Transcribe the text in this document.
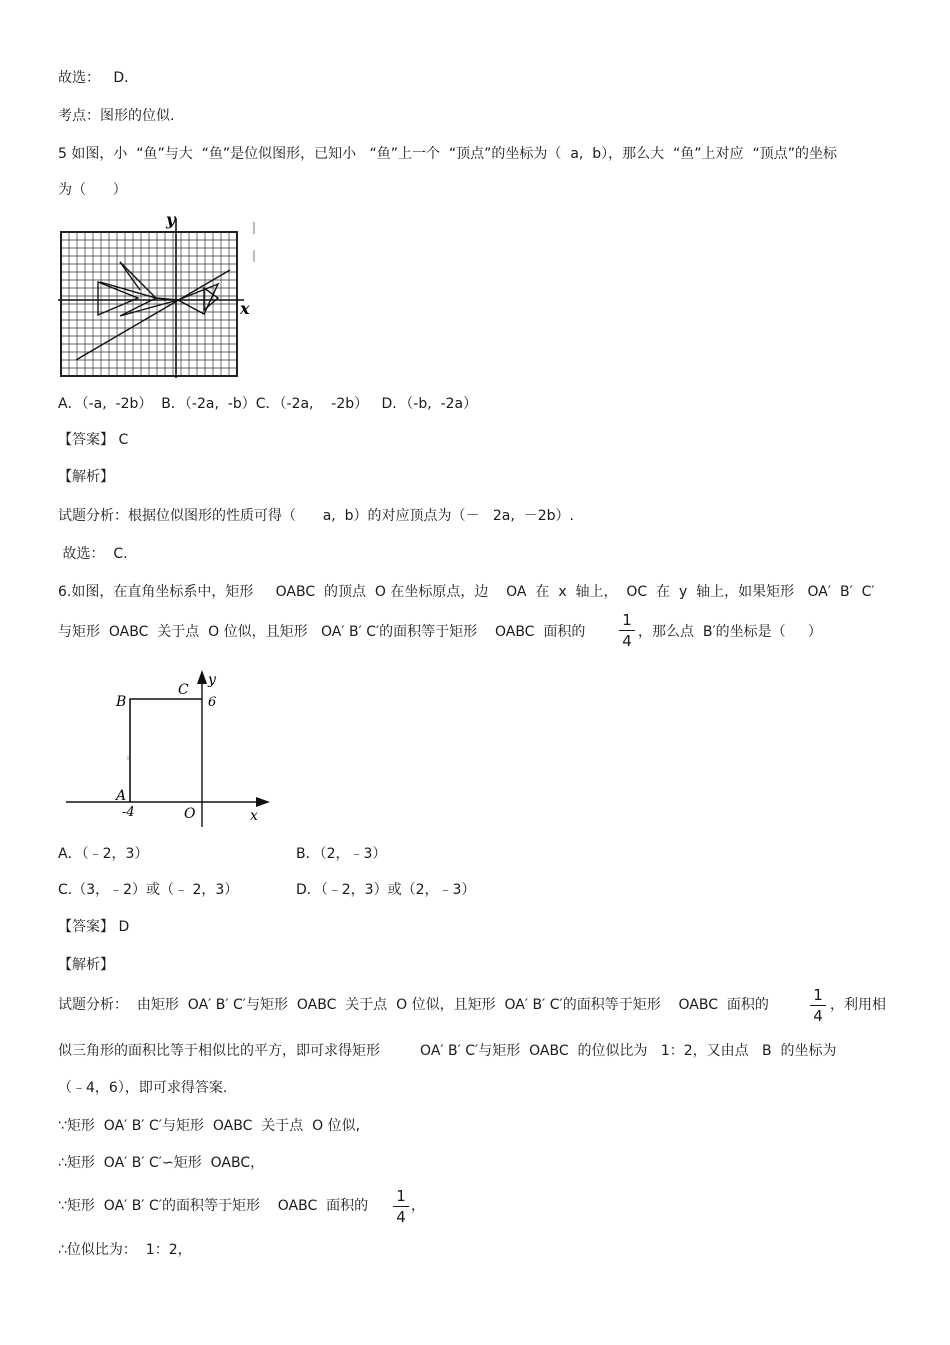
故选：   D．

考点：图形的位似.

5 如图，小  “鱼”与大  “鱼”是位似图形，已知小   “鱼”上一个  “顶点”的坐标为（  a,  b），那么大  “鱼”上对应  “顶点”的坐标

为（      ）

y
x

A．（-a,  -2b）  B．（-2a,  -b）C．（-2a,    -2b）   D．（-b,  -2a）

【答案】 C

【解析】

试题分析：根据位似图形的性质可得（      a,  b）的对应顶点为（－   2a,  －2b）.

故选：  C.

6.如图，在直角坐标系中，矩形     OABC  的顶点  O 在坐标原点，边    OA  在  x  轴上，  OC  在  y  轴上，如果矩形   OA′  B′  C′

与矩形  OABC  关于点  O 位似，且矩形   OA′ B′ C′的面积等于矩形    OABC  面积的

1
4 ，那么点  B′的坐标是（     ）

B
C
6
A
-4	O	x
y

A．（﹣2，3）	B．（2，﹣3）

C.（3，﹣2）或（﹣ 2，3）	D．（﹣2，3）或（2，﹣3）

【答案】 D

【解析】

试题分析：  由矩形  OA′ B′ C′与矩形  OABC  关于点  O 位似，且矩形  OA′ B′ C′的面积等于矩形    OABC  面积的

1
4

，利用相

似三角形的面积比等于相似比的平方，即可求得矩形         OA′ B′ C′与矩形  OABC  的位似比为   1：2，又由点   B  的坐标为

（﹣4，6），即可求得答案.

∵矩形  OA′ B′ C′与矩形  OABC  关于点  O 位似,

∴矩形  OA′ B′ C′∽矩形  OABC，

∵矩形  OA′ B′ C′的面积等于矩形    OABC  面积的

1
4

，

∴位似比为：  1：2，
